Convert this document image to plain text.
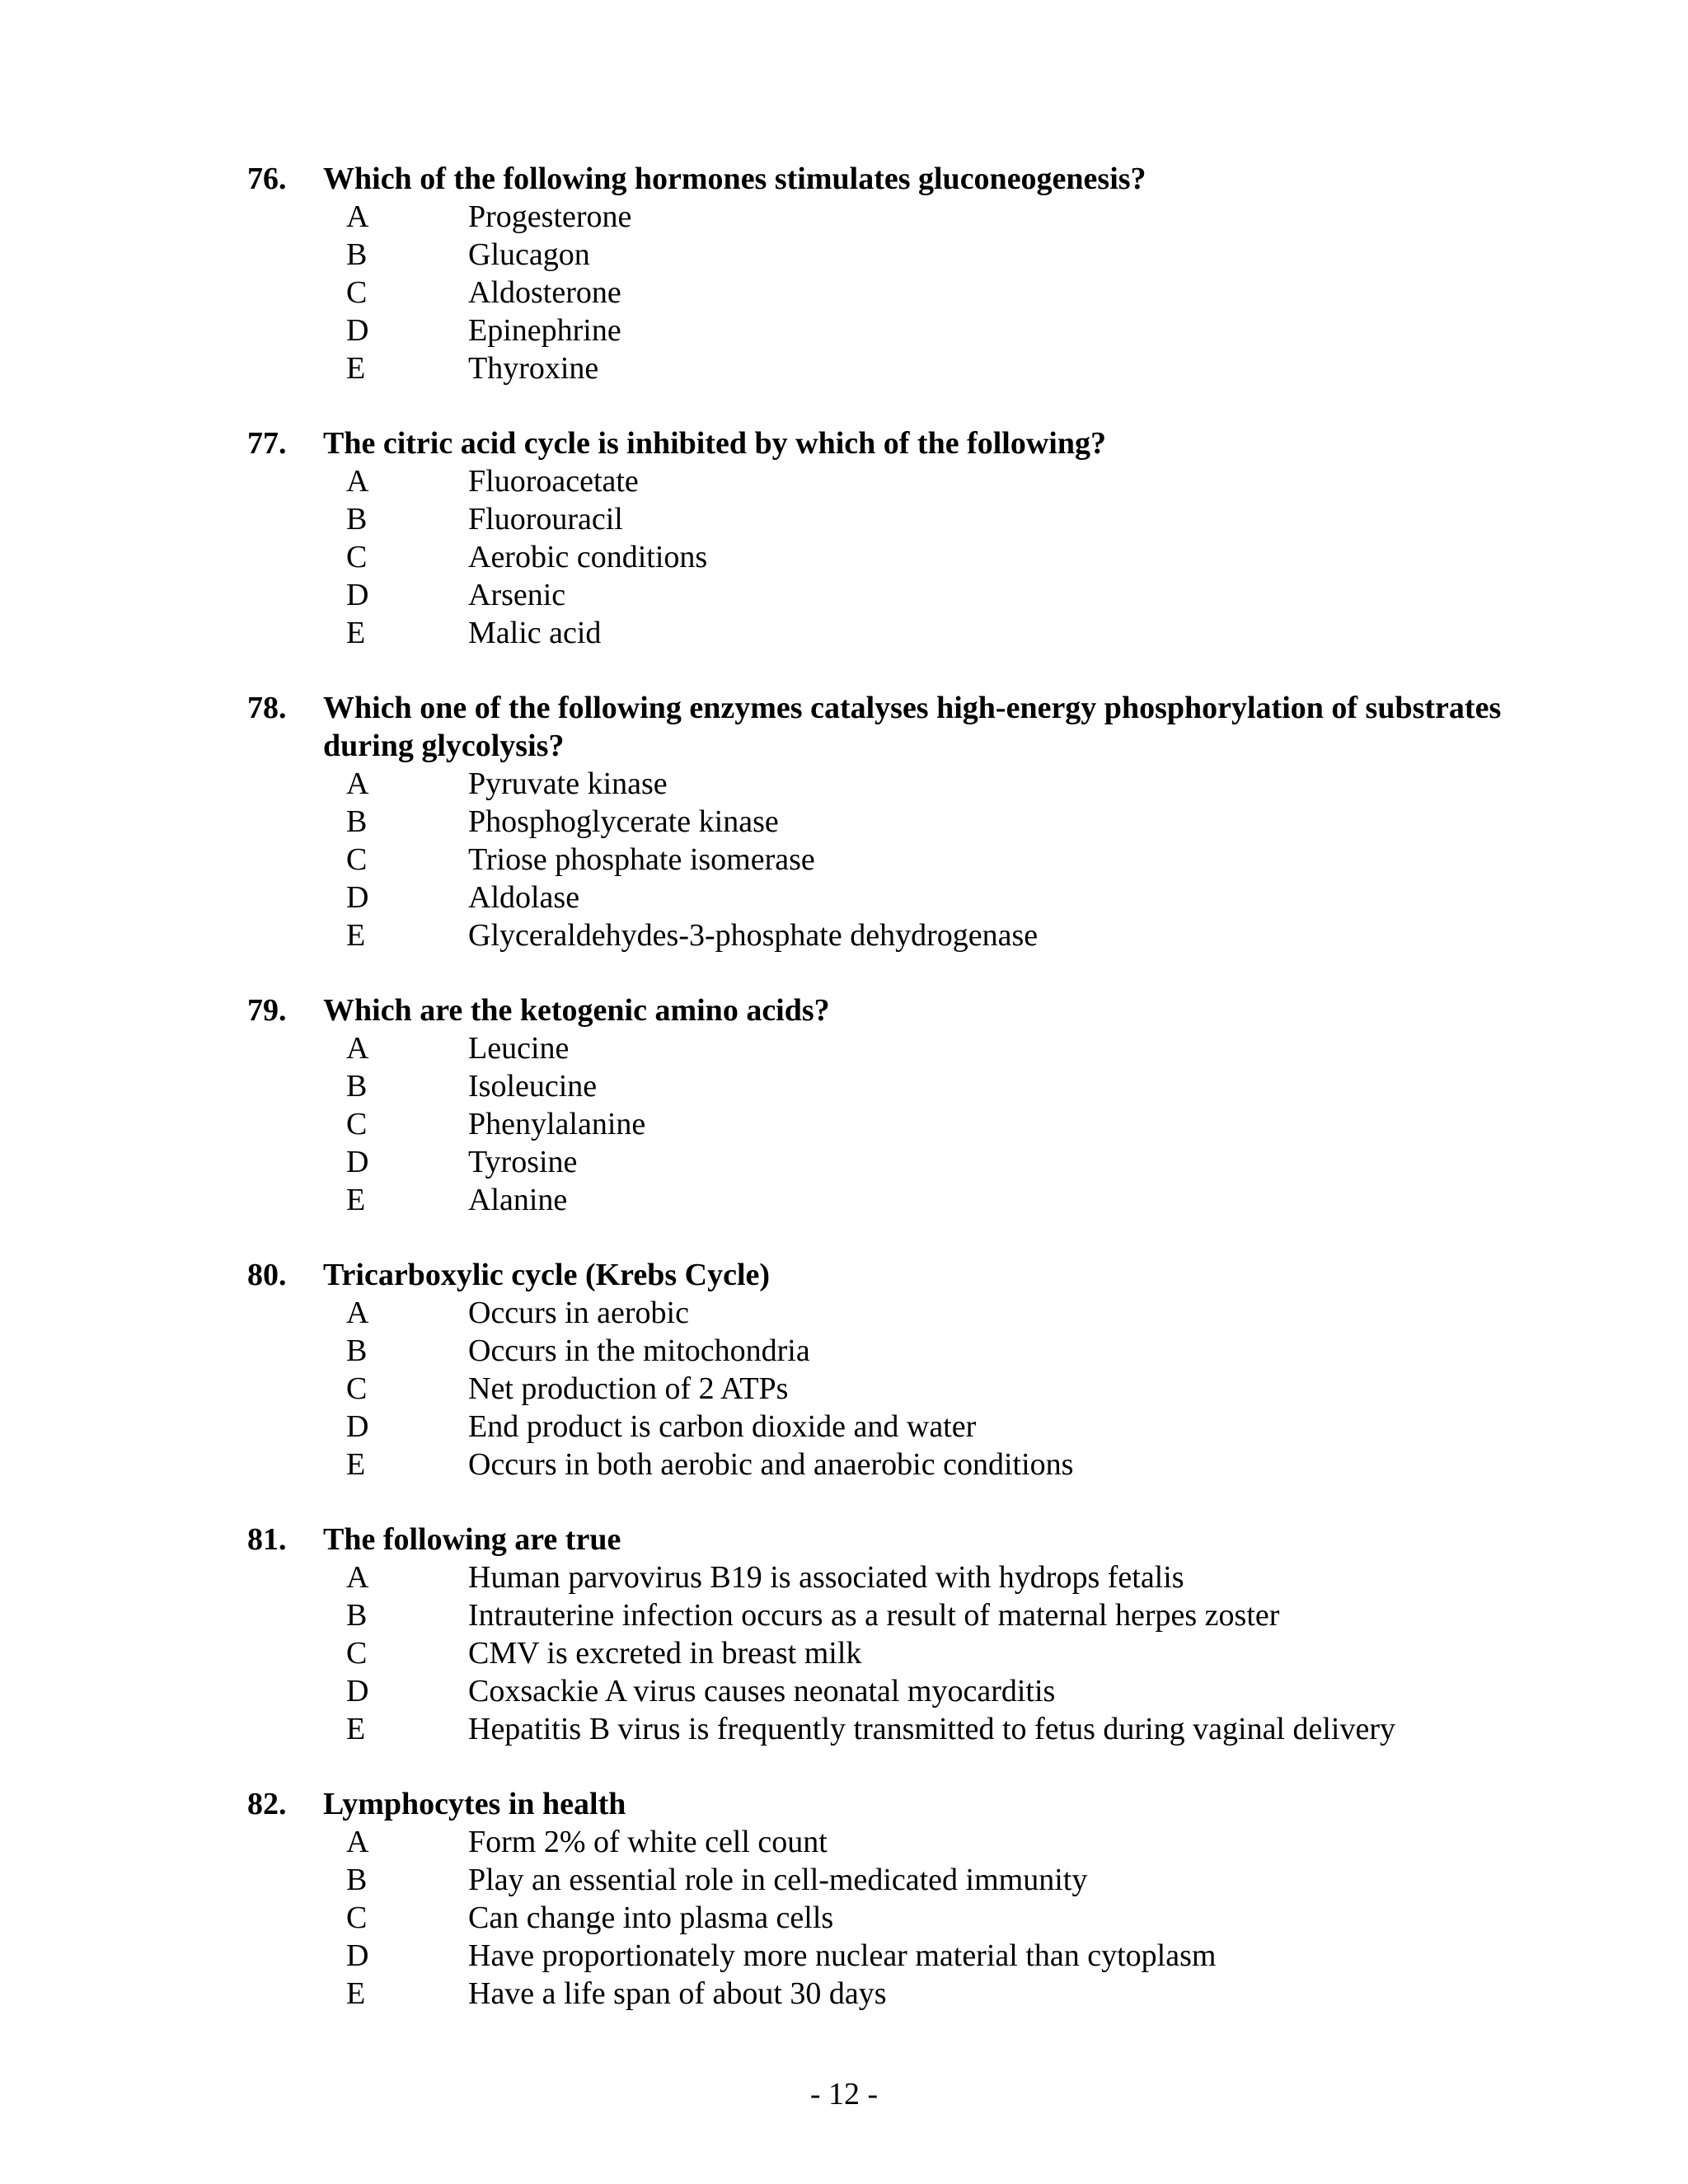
76.	Which of the following hormones stimulates gluconeogenesis?
A	Progesterone
B	Glucagon
C	Aldosterone
D	Epinephrine
E	Thyroxine
77.	The citric acid cycle is inhibited by which of the following?
A	Fluoroacetate
B	Fluorouracil
C	Aerobic conditions
D	Arsenic
E	Malic acid
78.	Which one of the following enzymes catalyses high-energy phosphorylation of substrates during glycolysis?
A	Pyruvate kinase
B	Phosphoglycerate kinase
C	Triose phosphate isomerase
D	Aldolase
E	Glyceraldehydes-3-phosphate dehydrogenase
79.	Which are the ketogenic amino acids?
A	Leucine
B	Isoleucine
C	Phenylalanine
D	Tyrosine
E	Alanine
80.	Tricarboxylic cycle (Krebs Cycle)
A	Occurs in aerobic
B	Occurs in the mitochondria
C	Net production of 2 ATPs
D	End product is carbon dioxide and water
E	Occurs in both aerobic and anaerobic conditions
81.	The following are true
A	Human parvovirus B19 is associated with hydrops fetalis
B	Intrauterine infection occurs as a result of maternal herpes zoster
C	CMV is excreted in breast milk
D	Coxsackie A virus causes neonatal myocarditis
E	Hepatitis B virus is frequently transmitted to fetus during vaginal delivery
82.	Lymphocytes in health
A	Form 2% of white cell count
B	Play an essential role in cell-medicated immunity
C	Can change into plasma cells
D	Have proportionately more nuclear material than cytoplasm
E	Have a life span of about 30 days
- 12 -
